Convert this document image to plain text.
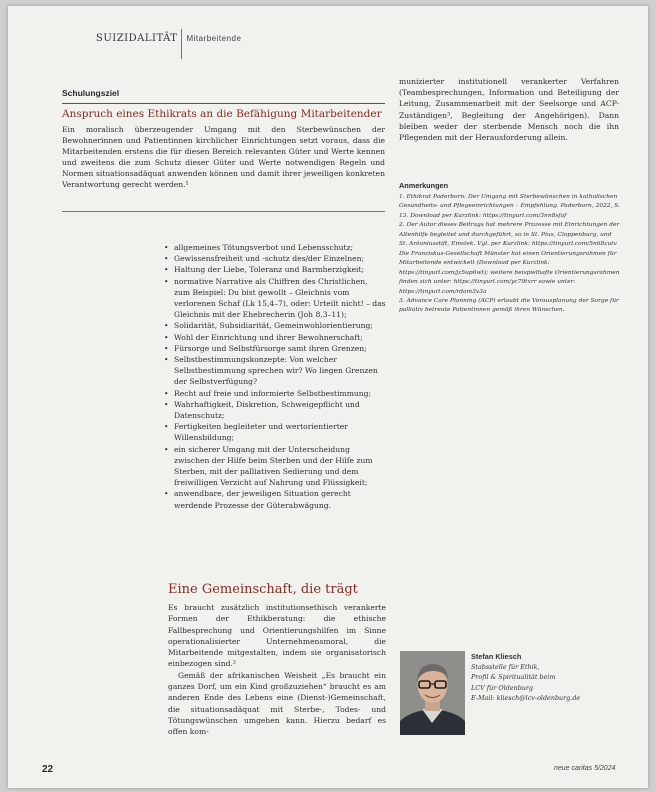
SUIZIDALITÄT Mitarbeitende
Schulungsziel
Anspruch eines Ethikrats an die Befähigung Mitarbeitender
Ein moralisch überzeugender Umgang mit den Sterbewünschen der Bewohnerinnen und Patientinnen kirchlicher Einrichtungen setzt voraus, dass die Mitarbeitenden erstens die für diesen Bereich relevanten Güter und Werte kennen und zweitens die zum Schutz dieser Güter und Werte notwendigen Regeln und Normen situationsadäquat anwenden können und damit ihrer jeweiligen konkreten Verantwortung gerecht werden.¹
• allgemeines Tötungsverbot und Lebensschutz;
• Gewissensfreiheit und -schutz des/der Einzelnen;
• Haltung der Liebe, Toleranz und Barmherzigkeit;
• normative Narrative als Chiffren des Christlichen, zum Beispiel: Du bist gewollt – Gleichnis vom verlorenen Schaf (Lk 15,4–7), oder: Urteilt nicht! – das Gleichnis mit der Ehebrecherin (Joh 8,3–11);
• Solidarität, Subsidiarität, Gemeinwohlorientierung;
• Wohl der Einrichtung und ihrer Bewohnerschaft;
• Fürsorge und Selbstfürsorge samt ihren Grenzen;
• Selbstbestimmungskonzepte: Von welcher Selbstbestimmung sprechen wir? Wo liegen Grenzen der Selbstverfügung?
• Recht auf freie und informierte Selbstbestimmung;
• Wahrhaftigkeit, Diskretion, Schweigepflicht und Datenschutz;
• Fertigkeiten begleiteter und wertorientierter Willensbildung;
• ein sicherer Umgang mit der Unterscheidung zwischen der Hilfe beim Sterben und der Hilfe zum Sterben, mit der palliativen Sedierung und dem freiwilligen Verzicht auf Nahrung und Flüssigkeit;
• anwendbare, der jeweiligen Situation gerecht werdende Prozesse der Güterabwägung.
Eine Gemeinschaft, die trägt

Es braucht zusätzlich institutionsethisch verankerte Formen der Ethikberatung: die ethische Fallbesprechung und Orientierungshilfen im Sinne operationalisierter Unternehmensmoral, die Mitarbeitende mitgestalten, indem sie organisatorisch einbezogen sind.²

Gemäß der afrikanischen Weisheit „Es braucht ein ganzes Dorf, um ein Kind großzuziehen“ braucht es am anderen Ende des Lebens eine (Dienst-)Gemeinschaft, die situationsadäquat mit Sterbe-, Todes- und Tötungswünschen umgehen kann. Hierzu bedarf es offen kom-

munizierter institutionell verankerter Verfahren (Teambesprechungen, Information und Beteiligung der Leitung, Zusammenarbeit mit der Seelsorge und ACP-Zuständigen³, Begleitung der Angehörigen). Dann bleiben weder der sterbende Mensch noch die ihn Pflegenden mit der Herausforderung allein.
Anmerkungen

1. Ethikrat Paderborn: Der Umgang mit Sterbewünschen in katholischen Gesundheits- und Pflegeeinrichtungen – Empfehlung. Paderborn, 2022, S. 13. Download per Kurzlink: https://tinyurl.com/3nn8sfaf

2. Der Autor dieses Beitrags hat mehrere Prozesse mit Einrichtungen der Altenhilfe begleitet und durchgeführt, so in St. Pius, Cloppenburg, und St. Antoniusstift, Emstek. Vgl. per Kurzlink: https://tinyurl.com/5n68zutv

Die Franziskus-Gesellschaft Münster hat einen Orientierungsrahmen für Mitarbeitende entwickelt (Download per Kurzlink: https://tinyurl.com/jz5up6wt); weitere beispielhafte Orientierungsrahmen finden sich unter: https://tinyurl.com/yc79txrr sowie unter: https://tinyurl.com/rdam3v3a

3. Advance Care Planning (ACP) erlaubt die Vorausplanung der Sorge für palliativ betreute Patientinnen gemäß ihren Wünschen.

Stefan Kliesch
Stabsstelle für Ethik,
Profil & Spiritualität beim
LCV für Oldenburg
E-Mail: kliesch@lcv-oldenburg.de
22	neue caritas 5/2024
